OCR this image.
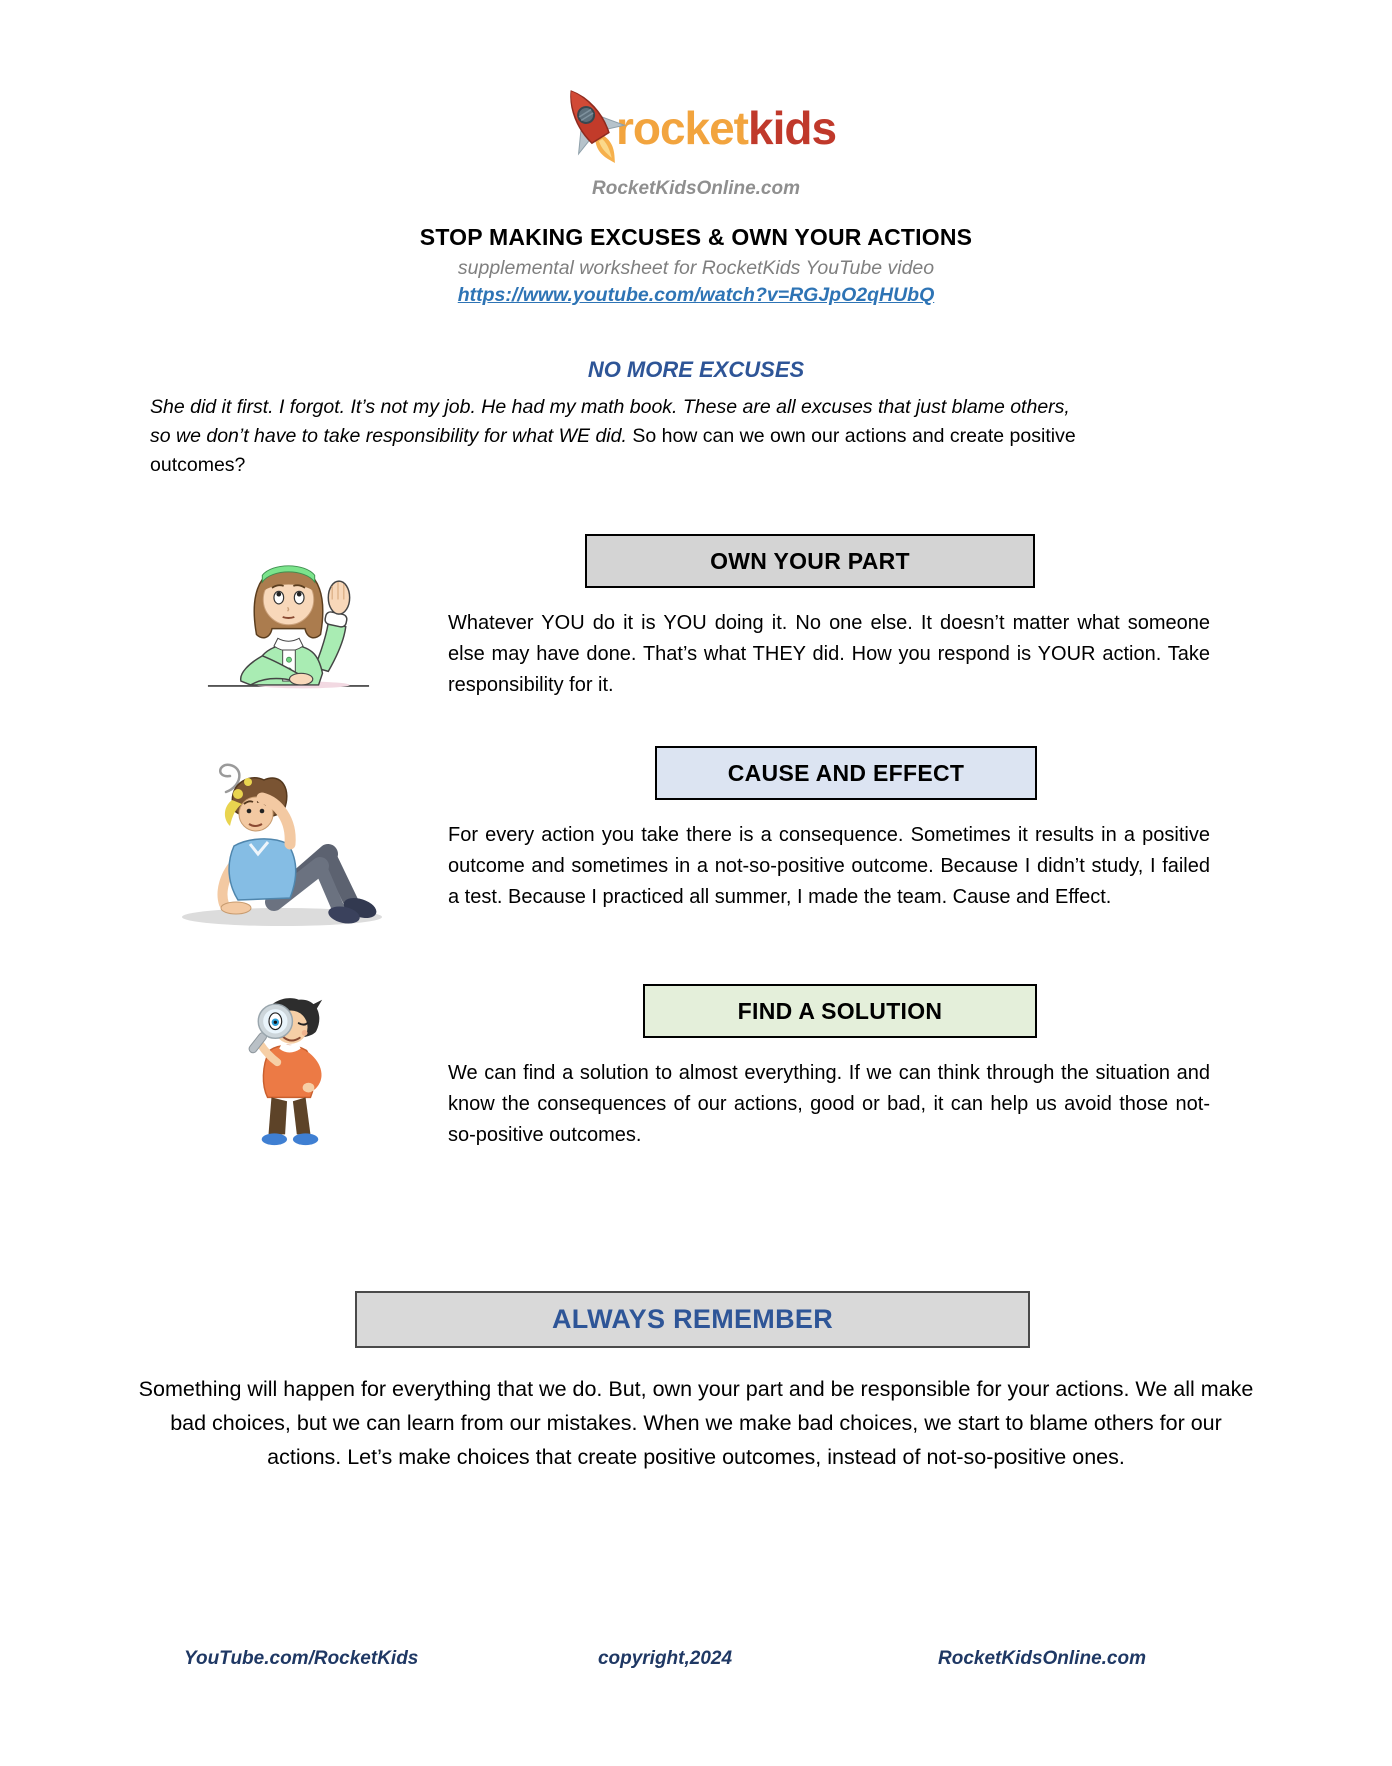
rocket kids
RocketKidsOnline.com
STOP MAKING EXCUSES & OWN YOUR ACTIONS
supplemental worksheet for RocketKids YouTube video
https://www.youtube.com/watch?v=RGJpO2qHUbQ
NO MORE EXCUSES

She did it first. I forgot. It’s not my job. He had my math book. These are all excuses that just blame others, so we don’t have to take responsibility for what WE did. So how can we own our actions and create positive outcomes?

OWN YOUR PART

Whatever YOU do it is YOU doing it. No one else. It doesn’t matter what someone else may have done. That’s what THEY did. How you respond is YOUR action. Take responsibility for it.

CAUSE AND EFFECT

For every action you take there is a consequence. Sometimes it results in a positive outcome and sometimes in a not-so-positive outcome. Because I didn’t study, I failed a test. Because I practiced all summer, I made the team. Cause and Effect.

FIND A SOLUTION

We can find a solution to almost everything. If we can think through the situation and know the consequences of our actions, good or bad, it can help us avoid those not-so-positive outcomes.

ALWAYS REMEMBER

Something will happen for everything that we do. But, own your part and be responsible for your actions. We all make bad choices, but we can learn from our mistakes. When we make bad choices, we start to blame others for our actions. Let’s make choices that create positive outcomes, instead of not-so-positive ones.

YouTube.com/RocketKids	copyright,2024	RocketKidsOnline.com
